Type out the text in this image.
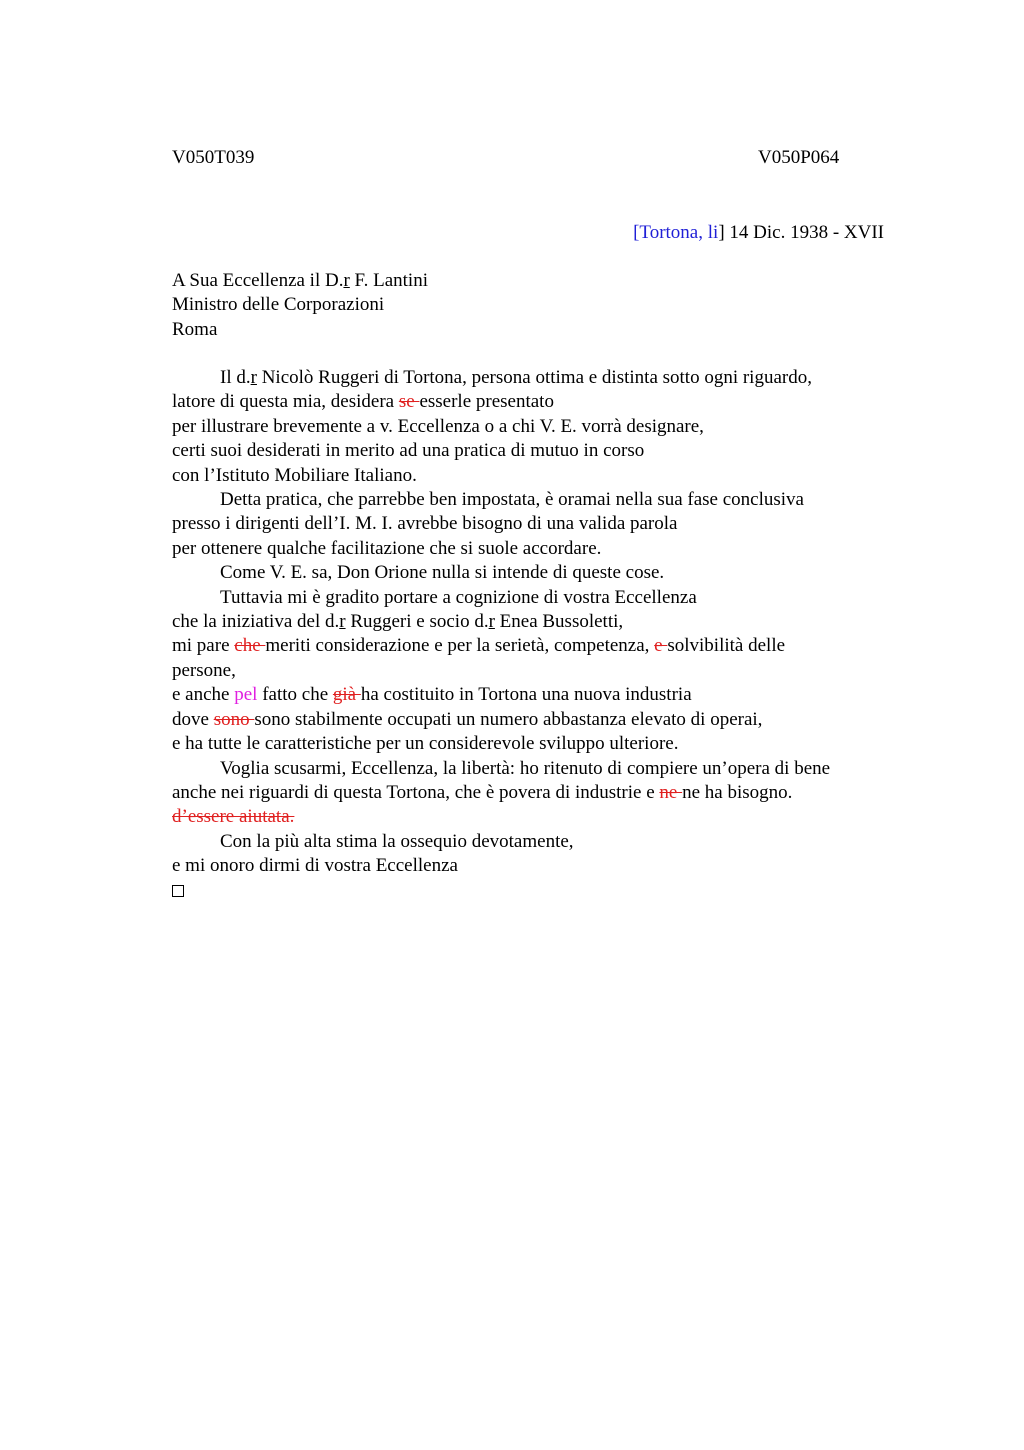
V050T039	V050P064
[Tortona, li] 14 Dic. 1938 - XVII
A Sua Eccellenza il D.r F. Lantini
Ministro delle Corporazioni
Roma
Il d.r Nicolò Ruggeri di Tortona, persona ottima e distinta sotto ogni riguardo,
latore di questa mia, desidera se esserle presentato
per illustrare brevemente a v. Eccellenza o a chi V. E. vorrà designare,
certi suoi desiderati in merito ad una pratica di mutuo in corso
con l’Istituto Mobiliare Italiano.
Detta pratica, che parrebbe ben impostata, è oramai nella sua fase conclusiva
presso i dirigenti dell’I. M. I. avrebbe bisogno di una valida parola
per ottenere qualche facilitazione che si suole accordare.
Come V. E. sa, Don Orione nulla si intende di queste cose.
Tuttavia mi è gradito portare a cognizione di vostra Eccellenza
che la iniziativa del d.r Ruggeri e socio d.r Enea Bussoletti,
mi pare che meriti considerazione e per la serietà, competenza, e solvibilità delle
persone,
e anche pel fatto che già ha costituito in Tortona una nuova industria
dove sono sono stabilmente occupati un numero abbastanza elevato di operai,
e ha tutte le caratteristiche per un considerevole sviluppo ulteriore.
Voglia scusarmi, Eccellenza, la libertà: ho ritenuto di compiere un’opera di bene
anche nei riguardi di questa Tortona, che è povera di industrie e ne ne ha bisogno.
d’essere aiutata.
Con la più alta stima la ossequio devotamente,
e mi onoro dirmi di vostra Eccellenza
